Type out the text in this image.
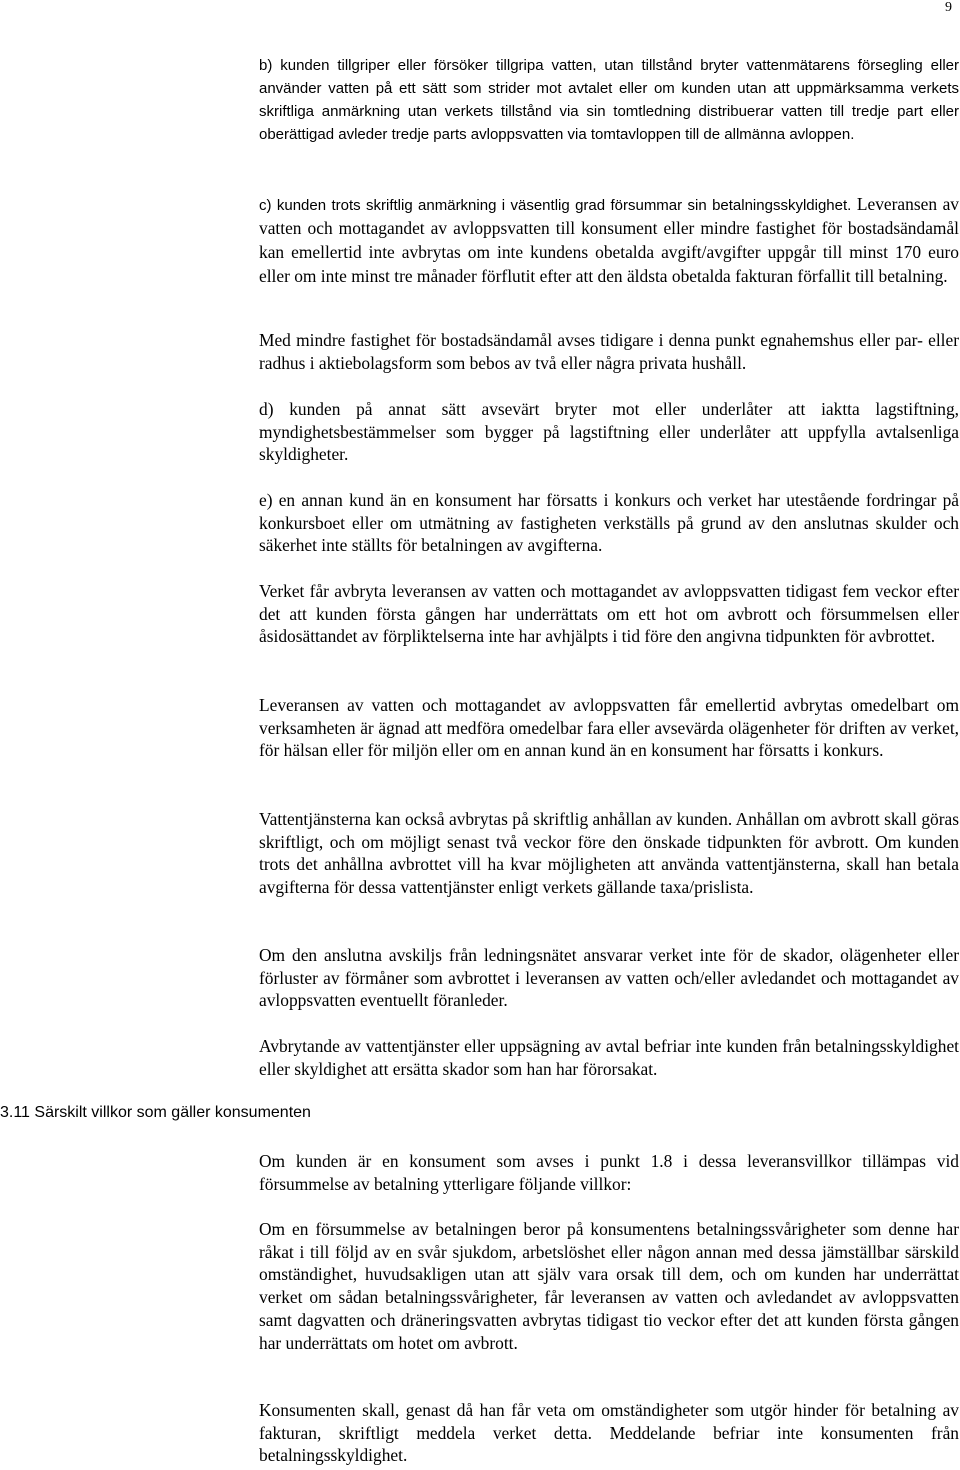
9

b) kunden tillgriper eller försöker tillgripa vatten, utan tillstånd bryter vattenmätarens försegling eller använder vatten på ett sätt som strider mot avtalet eller om kunden utan att uppmärksamma verkets skriftliga anmärkning utan verkets tillstånd via sin tomtledning distribuerar vatten till tredje part eller oberättigad avleder tredje parts avloppsvatten via tomtavloppen till de allmänna avloppen.

c) kunden trots skriftlig anmärkning i väsentlig grad försummar sin betalningsskyldighet. Leveransen av vatten och mottagandet av avloppsvatten till konsument eller mindre fastighet för bostadsändamål kan emellertid inte avbrytas om inte kundens obetalda avgift/avgifter uppgår till minst 170 euro eller om inte minst tre månader förflutit efter att den äldsta obetalda fakturan förfallit till betalning.

Med mindre fastighet för bostadsändamål avses tidigare i denna punkt egnahemshus eller par- eller radhus i aktiebolagsform som bebos av två eller några privata hushåll.

d) kunden på annat sätt avsevärt bryter mot eller underlåter att iaktta lagstiftning, myndighetsbestämmelser som bygger på lagstiftning eller underlåter att uppfylla avtalsenliga skyldigheter.

e) en annan kund än en konsument har försatts i konkurs och verket har utestående fordringar på konkursboet eller om utmätning av fastigheten verkställs på grund av den anslutnas skulder och säkerhet inte ställts för betalningen av avgifterna.

Verket får avbryta leveransen av vatten och mottagandet av avloppsvatten tidigast fem veckor efter det att kunden första gången har underrättats om ett hot om avbrott och försummelsen eller åsidosättandet av förpliktelserna inte har avhjälpts i tid före den angivna tidpunkten för avbrottet.

Leveransen av vatten och mottagandet av avloppsvatten får emellertid avbrytas omedelbart om verksamheten är ägnad att medföra omedelbar fara eller avsevärda olägenheter för driften av verket, för hälsan eller för miljön eller om en annan kund än en konsument har försatts i konkurs.

Vattentjänsterna kan också avbrytas på skriftlig anhållan av kunden. Anhållan om avbrott skall göras skriftligt, och om möjligt senast två veckor före den önskade tidpunkten för avbrott. Om kunden trots det anhållna avbrottet vill ha kvar möjligheten att använda vattentjänsterna, skall han betala avgifterna för dessa vattentjänster enligt verkets gällande taxa/prislista.

Om den anslutna avskiljs från ledningsnätet ansvarar verket inte för de skador, olägenheter eller förluster av förmåner som avbrottet i leveransen av vatten och/eller avledandet och mottagandet av avloppsvatten eventuellt föranleder.

Avbrytande av vattentjänster eller uppsägning av avtal befriar inte kunden från betalningsskyldighet eller skyldighet att ersätta skador som han har förorsakat.

3.11 Särskilt villkor som gäller konsumenten

Om kunden är en konsument som avses i punkt 1.8 i dessa leveransvillkor tillämpas vid försummelse av betalning ytterligare följande villkor:

Om en försummelse av betalningen beror på konsumentens betalningssvårigheter som denne har råkat i till följd av en svår sjukdom, arbetslöshet eller någon annan med dessa jämställbar särskild omständighet, huvudsakligen utan att själv vara orsak till dem, och om kunden har underrättat verket om sådan betalningssvårigheter, får leveransen av vatten och avledandet av avloppsvatten samt dagvatten och dräneringsvatten avbrytas tidigast tio veckor efter det att kunden första gången har underrättats om hotet om avbrott.

Konsumenten skall, genast då han får veta om omständigheter som utgör hinder för betalning av fakturan, skriftligt meddela verket detta. Meddelande befriar inte konsumenten från betalningsskyldighet.
